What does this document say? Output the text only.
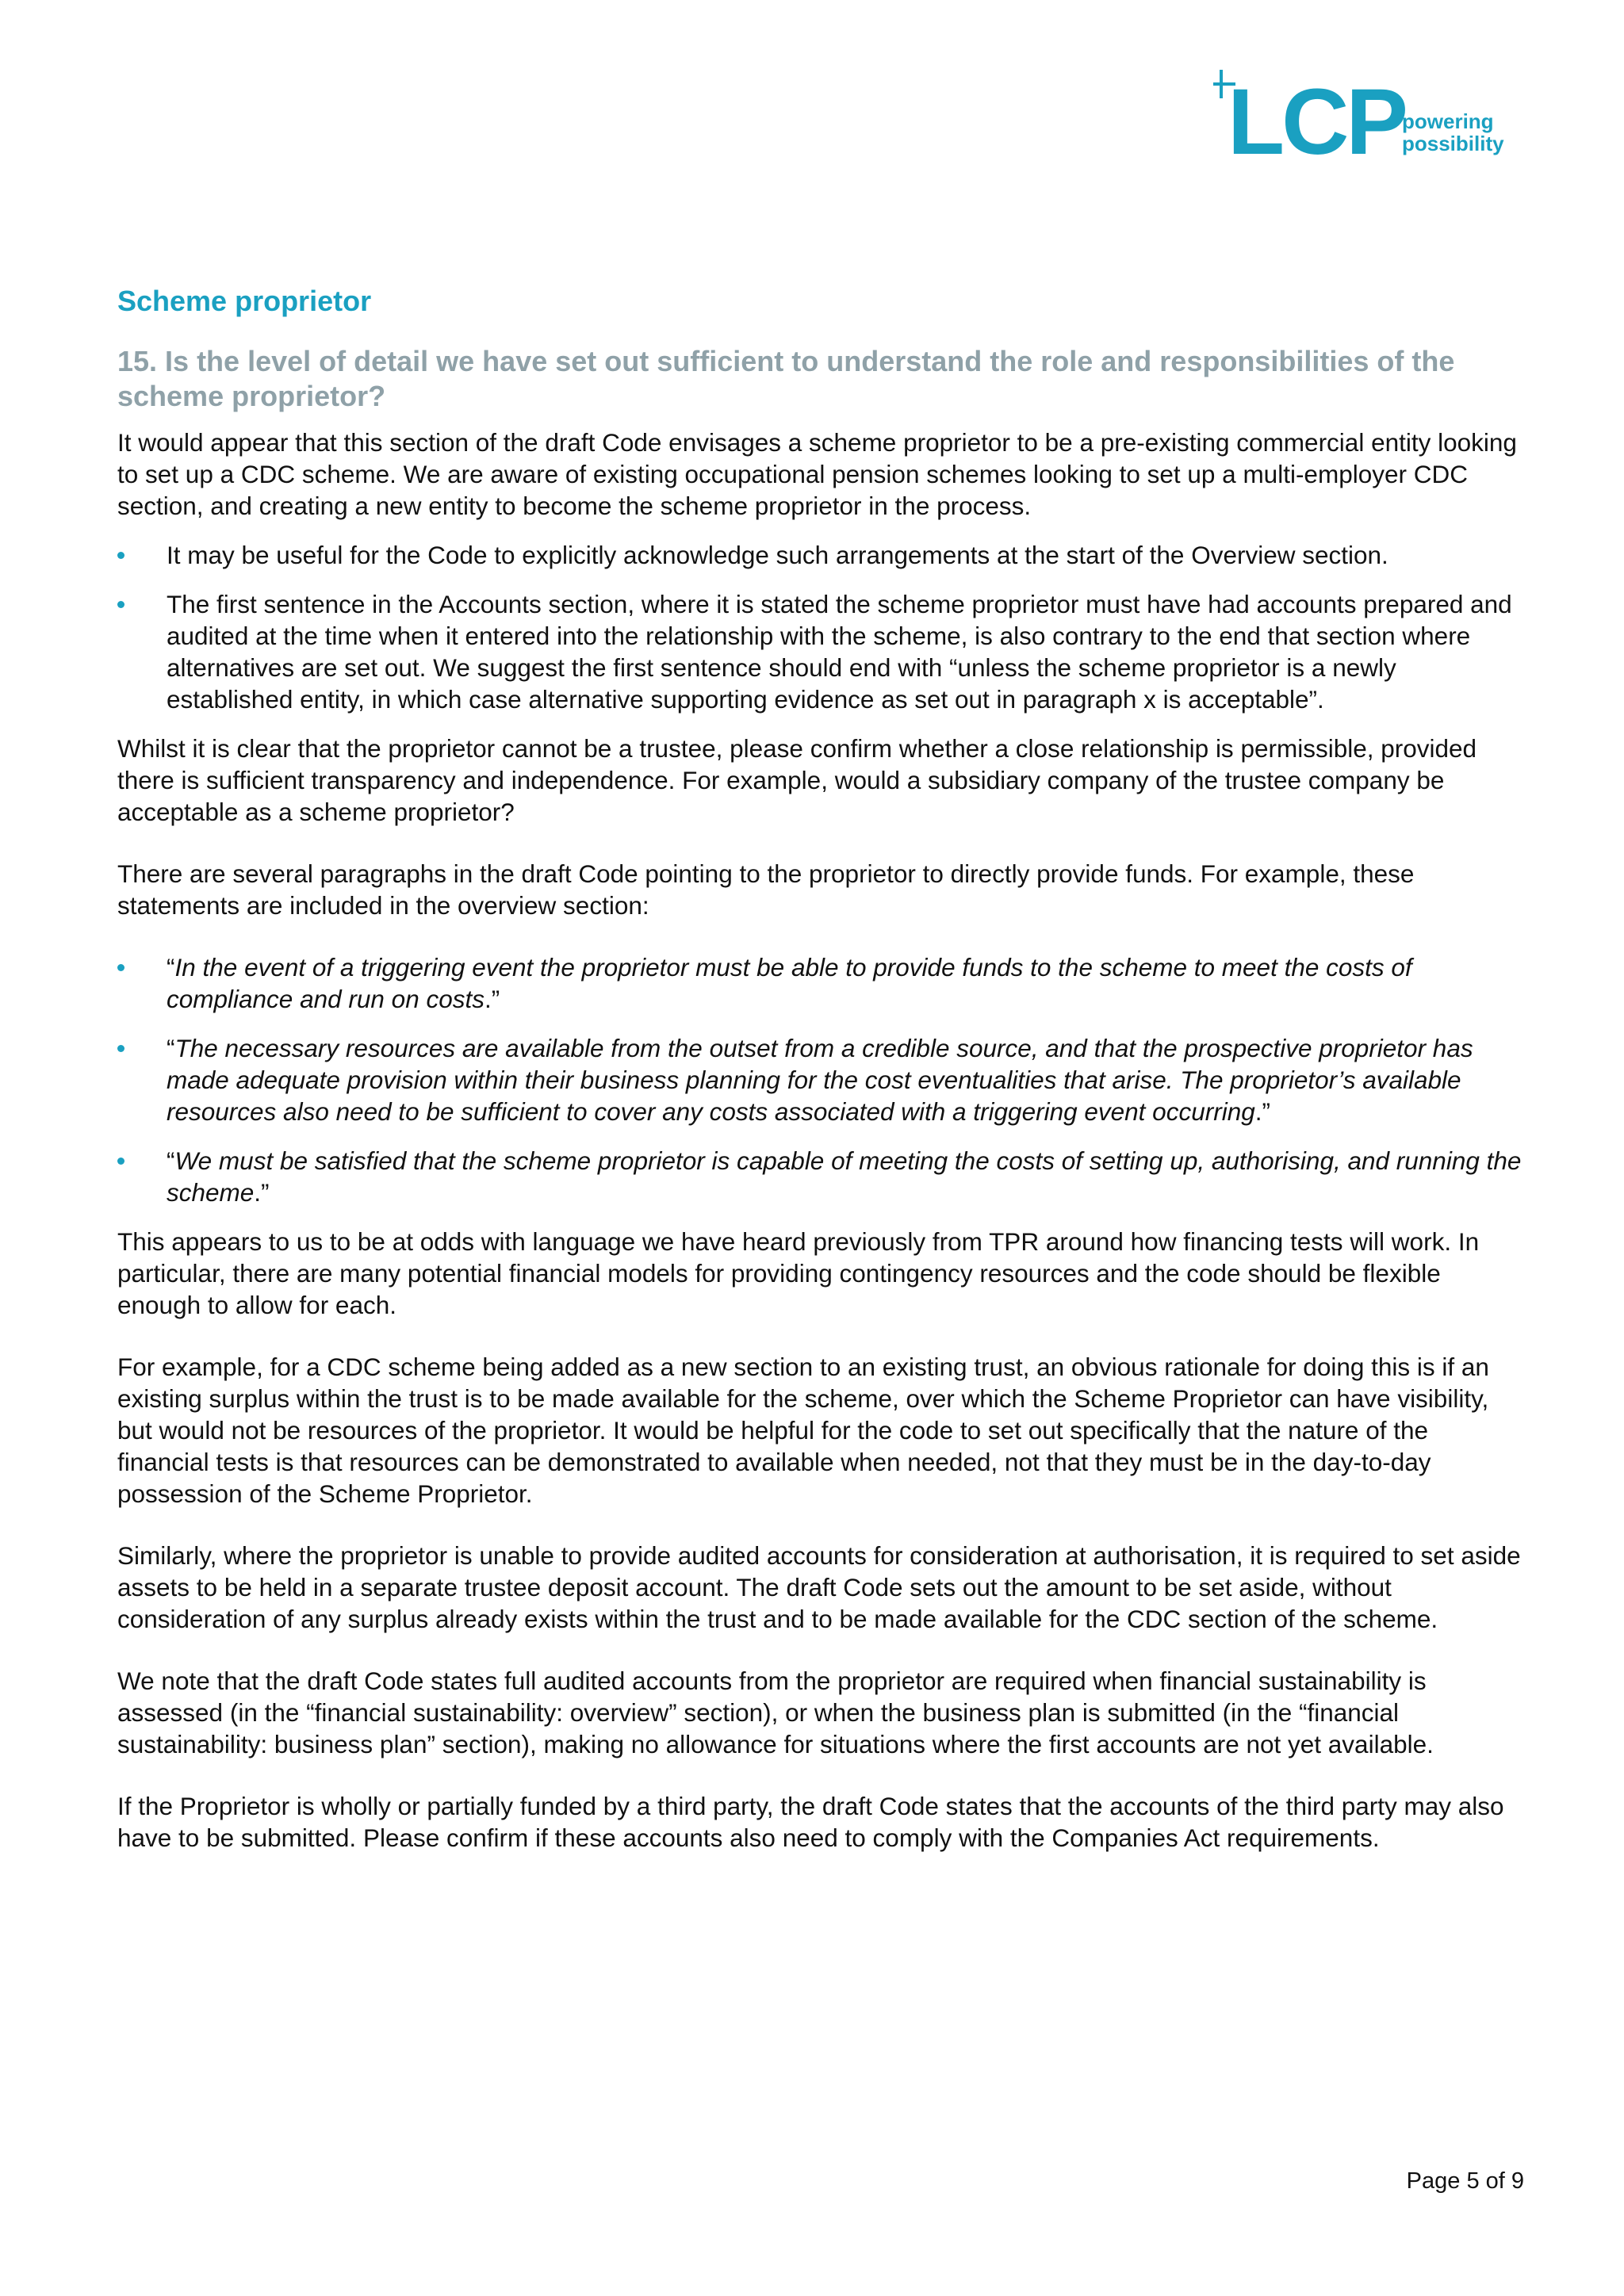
LCP
powering
possibility
Scheme proprietor
15. Is the level of detail we have set out sufficient to understand the role and responsibilities of the scheme proprietor?

It would appear that this section of the draft Code envisages a scheme proprietor to be a pre-existing commercial entity looking to set up a CDC scheme. We are aware of existing occupational pension schemes looking to set up a multi-employer CDC section, and creating a new entity to become the scheme proprietor in the process.

It may be useful for the Code to explicitly acknowledge such arrangements at the start of the Overview section.
The first sentence in the Accounts section, where it is stated the scheme proprietor must have had accounts prepared and audited at the time when it entered into the relationship with the scheme, is also contrary to the end that section where alternatives are set out. We suggest the first sentence should end with “unless the scheme proprietor is a newly established entity, in which case alternative supporting evidence as set out in paragraph x is acceptable”.

Whilst it is clear that the proprietor cannot be a trustee, please confirm whether a close relationship is permissible, provided there is sufficient transparency and independence. For example, would a subsidiary company of the trustee company be acceptable as a scheme proprietor?

There are several paragraphs in the draft Code pointing to the proprietor to directly provide funds. For example, these statements are included in the overview section:

“In the event of a triggering event the proprietor must be able to provide funds to the scheme to meet the costs of compliance and run on costs.”
“The necessary resources are available from the outset from a credible source, and that the prospective proprietor has made adequate provision within their business planning for the cost eventualities that arise. The proprietor’s available resources also need to be sufficient to cover any costs associated with a triggering event occurring.”
“We must be satisfied that the scheme proprietor is capable of meeting the costs of setting up, authorising, and running the scheme.”

This appears to us to be at odds with language we have heard previously from TPR around how financing tests will work. In particular, there are many potential financial models for providing contingency resources and the code should be flexible enough to allow for each.

For example, for a CDC scheme being added as a new section to an existing trust, an obvious rationale for doing this is if an existing surplus within the trust is to be made available for the scheme, over which the Scheme Proprietor can have visibility, but would not be resources of the proprietor. It would be helpful for the code to set out specifically that the nature of the financial tests is that resources can be demonstrated to available when needed, not that they must be in the day-to-day possession of the Scheme Proprietor.

Similarly, where the proprietor is unable to provide audited accounts for consideration at authorisation, it is required to set aside assets to be held in a separate trustee deposit account. The draft Code sets out the amount to be set aside, without consideration of any surplus already exists within the trust and to be made available for the CDC section of the scheme.

We note that the draft Code states full audited accounts from the proprietor are required when financial sustainability is assessed (in the “financial sustainability: overview” section), or when the business plan is submitted (in the “financial sustainability: business plan” section), making no allowance for situations where the first accounts are not yet available.

If the Proprietor is wholly or partially funded by a third party, the draft Code states that the accounts of the third party may also have to be submitted. Please confirm if these accounts also need to comply with the Companies Act requirements.

Page 5 of 9
